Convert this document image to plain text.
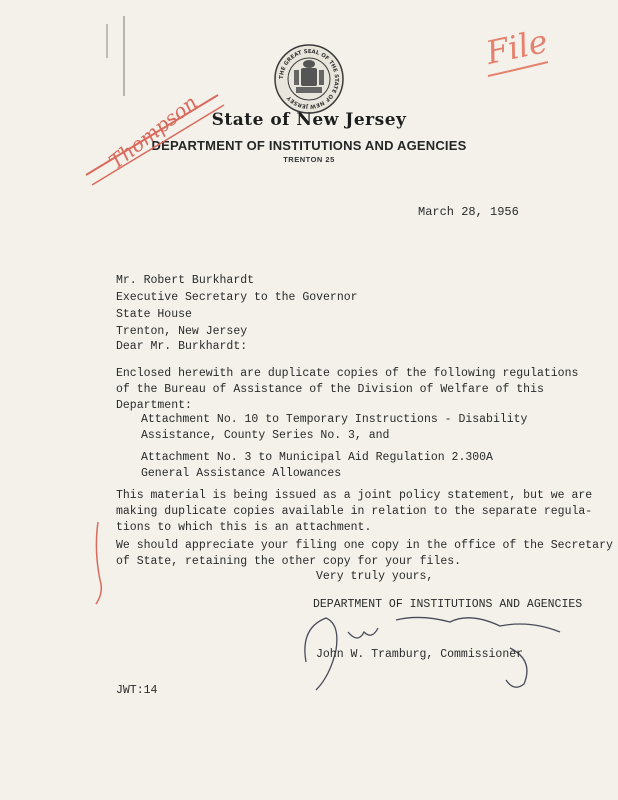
THE GREAT SEAL OF THE STATE OF NEW JERSEY
State of New Jersey
DEPARTMENT OF INSTITUTIONS AND AGENCIES
TRENTON 25
File
Thompson
March 28, 1956
Mr. Robert Burkhardt
Executive Secretary to the Governor
State House
Trenton, New Jersey
Dear Mr. Burkhardt:
Enclosed herewith are duplicate copies of the following regulations
of the Bureau of Assistance of the Division of Welfare of this
Department:
Attachment No. 10 to Temporary Instructions - Disability
Assistance, County Series No. 3, and
Attachment No. 3 to Municipal Aid Regulation 2.300A
General Assistance Allowances
This material is being issued as a joint policy statement, but we are
making duplicate copies available in relation to the separate regula-
tions to which this is an attachment.
We should appreciate your filing one copy in the office of the Secretary
of State, retaining the other copy for your files.
Very truly yours,
DEPARTMENT OF INSTITUTIONS AND AGENCIES
John W. Tramburg, Commissioner
JWT:14
